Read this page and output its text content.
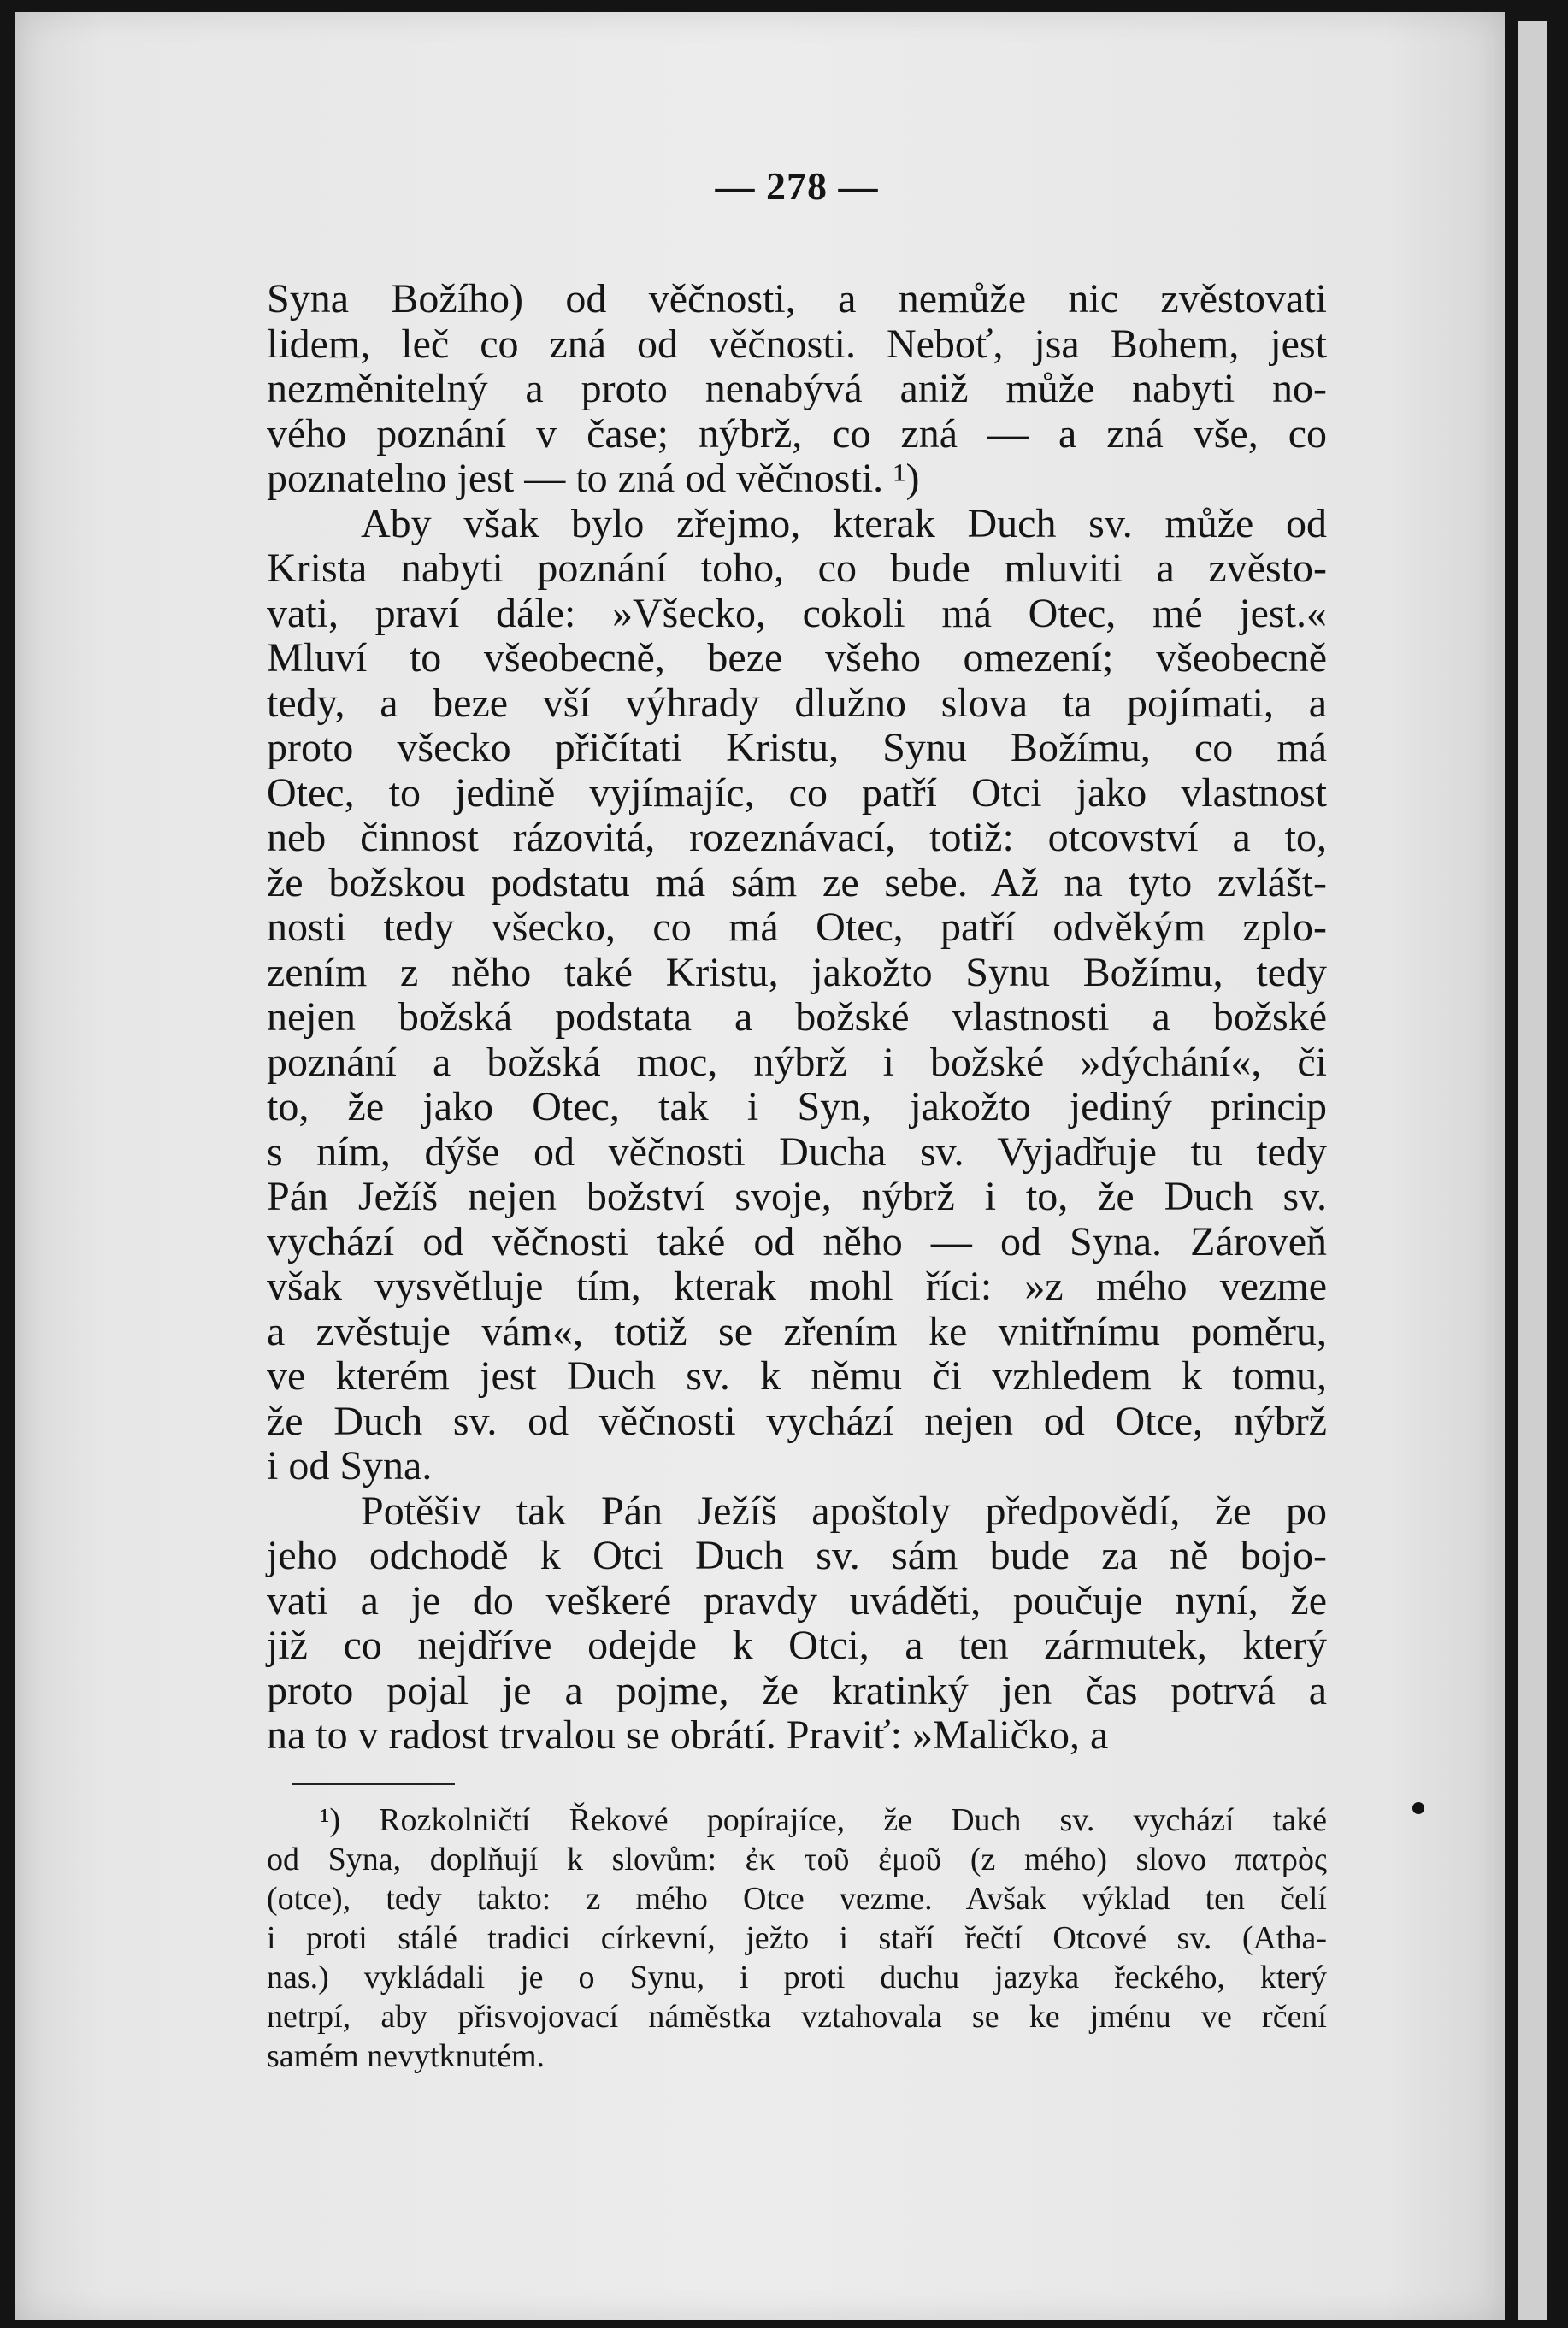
— 278 —

Syna Božího) od věčnosti, a nemůže nic zvěstovati
lidem, leč co zná od věčnosti. Neboť, jsa Bohem, jest
nezměnitelný a proto nenabývá aniž může nabyti no-
vého poznání v čase; nýbrž, co zná — a zná vše, co
poznatelno jest — to zná od věčnosti. ¹)

Aby však bylo zřejmo, kterak Duch sv. může od
Krista nabyti poznání toho, co bude mluviti a zvěsto-
vati, praví dále: »Všecko, cokoli má Otec, mé jest.«
Mluví to všeobecně, beze všeho omezení; všeobecně
tedy, a beze vší výhrady dlužno slova ta pojímati, a
proto všecko přičítati Kristu, Synu Božímu, co má
Otec, to jedině vyjímajíc, co patří Otci jako vlastnost
neb činnost rázovitá, rozeznávací, totiž: otcovství a to,
že božskou podstatu má sám ze sebe. Až na tyto zvlášt-
nosti tedy všecko, co má Otec, patří odvěkým zplo-
zením z něho také Kristu, jakožto Synu Božímu, tedy
nejen božská podstata a božské vlastnosti a božské
poznání a božská moc, nýbrž i božské »dýchání«, či
to, že jako Otec, tak i Syn, jakožto jediný princip
s ním, dýše od věčnosti Ducha sv. Vyjadřuje tu tedy
Pán Ježíš nejen božství svoje, nýbrž i to, že Duch sv.
vychází od věčnosti také od něho — od Syna. Zároveň
však vysvětluje tím, kterak mohl říci: »z mého vezme
a zvěstuje vám«, totiž se zřením ke vnitřnímu poměru,
ve kterém jest Duch sv. k němu či vzhledem k tomu,
že Duch sv. od věčnosti vychází nejen od Otce, nýbrž
i od Syna.

Potěšiv tak Pán Ježíš apoštoly předpovědí, že po
jeho odchodě k Otci Duch sv. sám bude za ně bojo-
vati a je do veškeré pravdy uváděti, poučuje nyní, že
již co nejdříve odejde k Otci, a ten zármutek, který
proto pojal je a pojme, že kratinký jen čas potrvá a
na to v radost trvalou se obrátí. Praviť: »Maličko, a

¹) Rozkolničtí Řekové popírajíce, že Duch sv. vychází také
od Syna, doplňují k slovům: ἐκ τοῦ ἐμοῦ (z mého) slovo πατρὸς
(otce), tedy takto: z mého Otce vezme. Avšak výklad ten čelí
i proti stálé tradici církevní, ježto i staří řečtí Otcové sv. (Atha-
nas.) vykládali je o Synu, i proti duchu jazyka řeckého, který
netrpí, aby přisvojovací náměstka vztahovala se ke jménu ve rčení
samém nevytknutém.
